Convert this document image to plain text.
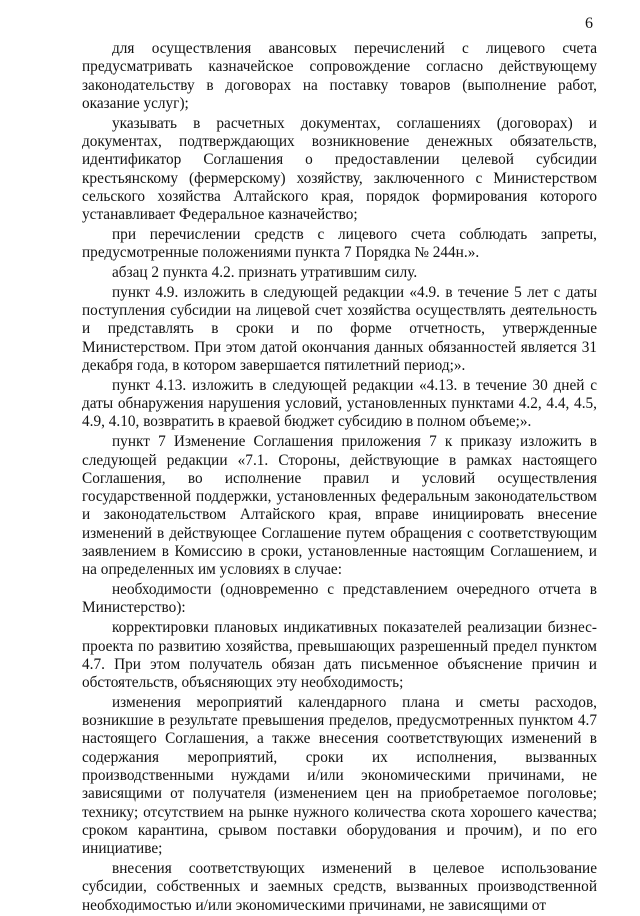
6

для осуществления авансовых перечислений с лицевого счета предусматривать казначейское сопровождение согласно действующему законодательству в договорах на поставку товаров (выполнение работ, оказание услуг);

указывать в расчетных документах, соглашениях (договорах) и документах, подтверждающих возникновение денежных обязательств, идентификатор Соглашения о предоставлении целевой субсидии крестьянскому (фермерскому) хозяйству, заключенного с Министерством сельского хозяйства Алтайского края, порядок формирования которого устанавливает Федеральное казначейство;

при перечислении средств с лицевого счета соблюдать запреты, предусмотренные положениями пункта 7 Порядка № 244н.».

абзац 2 пункта 4.2. признать утратившим силу.

пункт 4.9. изложить в следующей редакции «4.9. в течение 5 лет с даты поступления субсидии на лицевой счет хозяйства осуществлять деятельность и представлять в сроки и по форме отчетность, утвержденные Министерством. При этом датой окончания данных обязанностей является 31 декабря года, в котором завершается пятилетний период;».

пункт 4.13. изложить в следующей редакции «4.13. в течение 30 дней с даты обнаружения нарушения условий, установленных пунктами 4.2, 4.4, 4.5, 4.9, 4.10, возвратить в краевой бюджет субсидию в полном объеме;».

пункт 7 Изменение Соглашения приложения 7 к приказу изложить в следующей редакции «7.1. Стороны, действующие в рамках настоящего Соглашения, во исполнение правил и условий осуществления государственной поддержки, установленных федеральным законодательством и законодательством Алтайского края, вправе инициировать внесение изменений в действующее Соглашение путем обращения с соответствующим заявлением в Комиссию в сроки, установленные настоящим Соглашением, и на определенных им условиях в случае:

необходимости (одновременно с представлением очередного отчета в Министерство):

корректировки плановых индикативных показателей реализации бизнес-проекта по развитию хозяйства, превышающих разрешенный предел пунктом 4.7. При этом получатель обязан дать письменное объяснение причин и обстоятельств, объясняющих эту необходимость;

изменения мероприятий календарного плана и сметы расходов, возникшие в результате превышения пределов, предусмотренных пунктом 4.7 настоящего Соглашения, а также внесения соответствующих изменений в содержания мероприятий, сроки их исполнения, вызванных производственными нуждами и/или экономическими причинами, не зависящими от получателя (изменением цен на приобретаемое поголовье; технику; отсутствием на рынке нужного количества скота хорошего качества; сроком карантина, срывом поставки оборудования и прочим), и по его инициативе;

внесения соответствующих изменений в целевое использование субсидии, собственных и заемных средств, вызванных производственной необходимостью и/или экономическими причинами, не зависящими от
